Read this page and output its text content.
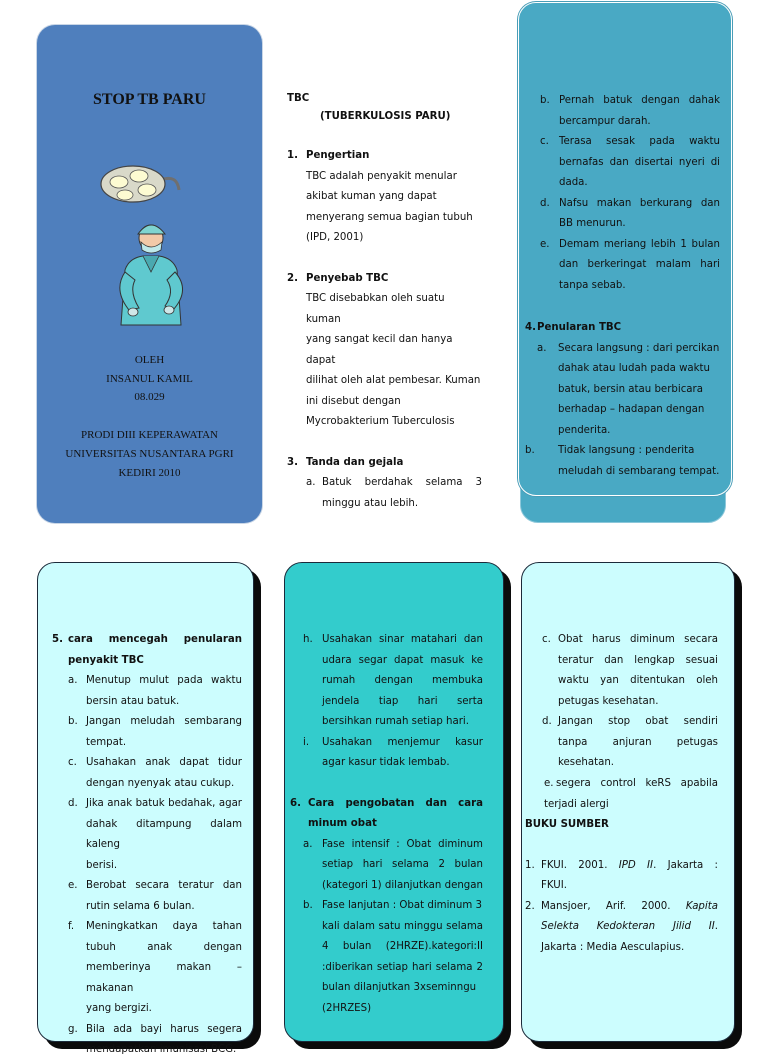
STOP TB PARU
OLEH
INSANUL KAMIL
08.029
PRODI DIII KEPERAWATAN
UNIVERSITAS NUSANTARA PGRI
KEDIRI 2010
TBC
(TUBERKULOSIS PARU)
1. Pengertian
TBC adalah penyakit menular
akibat kuman yang dapat
menyerang semua bagian tubuh
(IPD, 2001)
2. Penyebab TBC
TBC disebabkan oleh suatu kuman
yang sangat kecil dan hanya dapat
dilihat oleh alat pembesar. Kuman
ini disebut dengan
Mycrobakterium Tuberculosis
3. Tanda dan gejala
a. Batuk berdahak selama 3
minggu atau lebih.
b. Pernah batuk dengan dahak
bercampur darah.
c. Terasa sesak pada waktu
bernafas dan disertai nyeri di
dada.
d. Nafsu makan berkurang dan
BB menurun.
e. Demam meriang lebih 1 bulan
dan berkeringat malam hari
tanpa sebab.
4. Penularan TBC
a.	Secara langsung : dari percikan
dahak atau ludah pada waktu
batuk, bersin atau berbicara
berhadap – hadapan dengan
penderita.
b.	Tidak langsung : penderita
meludah di sembarang tempat.
5. cara mencegah penularan
penyakit TBC
a. Menutup mulut pada waktu
bersin atau batuk.
b. Jangan meludah sembarang
tempat.
c. Usahakan anak dapat tidur
dengan nyenyak atau cukup.
d. Jika anak batuk bedahak, agar
dahak ditampung dalam kaleng
berisi.
e. Berobat secara teratur dan
rutin selama 6 bulan.
f.	Meningkatkan daya tahan
tubuh anak dengan
memberinya makan – makanan
yang bergizi.
g. Bila ada bayi harus segera
mendapatkan imunisasi BCG.
h. Usahakan sinar matahari dan
udara segar dapat masuk ke
rumah dengan membuka
jendela tiap hari serta
bersihkan rumah setiap hari.
i.	Usahakan menjemur kasur
agar kasur tidak lembab.
6. Cara pengobatan dan cara
minum obat
a. Fase intensif : Obat diminum
setiap hari selama 2 bulan
(kategori 1) dilanjutkan dengan
b. Fase lanjutan : Obat diminum 3
kali dalam satu minggu selama
4 bulan (2HRZE).kategori:II
:diberikan setiap hari selama 2
bulan dilanjutkan 3xseminngu
(2HRZES)
c. Obat harus diminum secara
teratur dan lengkap sesuai
waktu yan ditentukan oleh
petugas kesehatan.
d. Jangan stop obat sendiri
tanpa anjuran petugas
kesehatan.
e. segera control keRS apabila
terjadi alergi
BUKU SUMBER
1. FKUI. 2001. IPD II. Jakarta :
FKUI.
2. Mansjoer, Arif. 2000. Kapita
Selekta Kedokteran Jilid II.
Jakarta : Media Aesculapius.
